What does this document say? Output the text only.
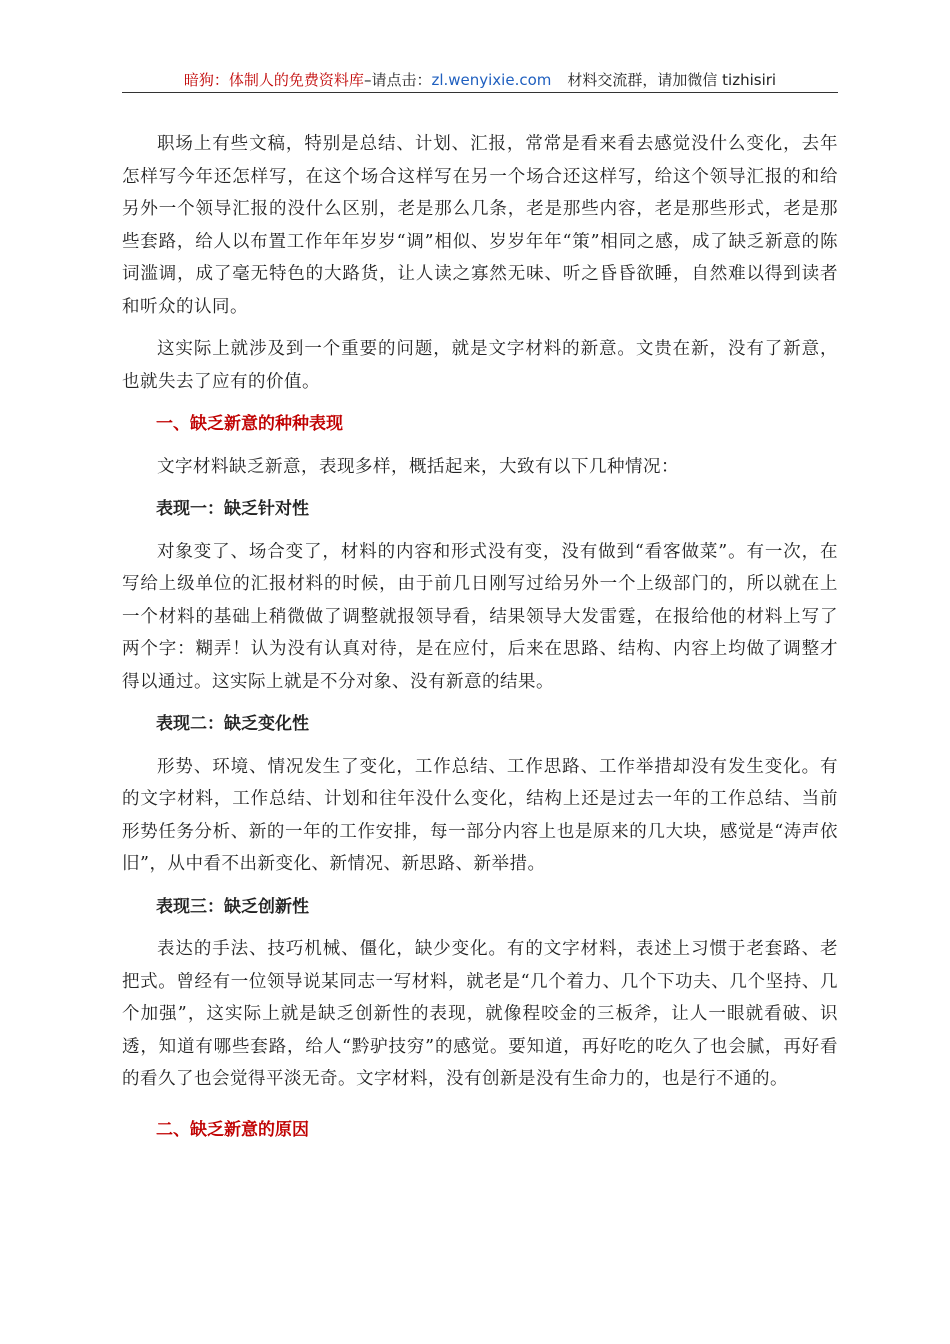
暗狗：体制人的免费资料库–请点击：zl.wenyixie.com 材料交流群，请加微信 tizhisiri

职场上有些文稿，特别是总结、计划、汇报，常常是看来看去感觉没什么变化，去年怎样写今年还怎样写，在这个场合这样写在另一个场合还这样写，给这个领导汇报的和给另外一个领导汇报的没什么区别，老是那么几条，老是那些内容，老是那些形式，老是那些套路，给人以布置工作年年岁岁“调”相似、岁岁年年“策”相同之感，成了缺乏新意的陈词滥调，成了毫无特色的大路货，让人读之寡然无味、听之昏昏欲睡，自然难以得到读者和听众的认同。

这实际上就涉及到一个重要的问题，就是文字材料的新意。文贵在新，没有了新意，也就失去了应有的价值。

一、缺乏新意的种种表现

文字材料缺乏新意，表现多样，概括起来，大致有以下几种情况：

表现一：缺乏针对性

对象变了、场合变了，材料的内容和形式没有变，没有做到“看客做菜”。有一次，在写给上级单位的汇报材料的时候，由于前几日刚写过给另外一个上级部门的，所以就在上一个材料的基础上稍微做了调整就报领导看，结果领导大发雷霆，在报给他的材料上写了两个字：糊弄！认为没有认真对待，是在应付，后来在思路、结构、内容上均做了调整才得以通过。这实际上就是不分对象、没有新意的结果。

表现二：缺乏变化性

形势、环境、情况发生了变化，工作总结、工作思路、工作举措却没有发生变化。有的文字材料，工作总结、计划和往年没什么变化，结构上还是过去一年的工作总结、当前形势任务分析、新的一年的工作安排，每一部分内容上也是原来的几大块，感觉是“涛声依旧”，从中看不出新变化、新情况、新思路、新举措。

表现三：缺乏创新性

表达的手法、技巧机械、僵化，缺少变化。有的文字材料，表述上习惯于老套路、老把式。曾经有一位领导说某同志一写材料，就老是“几个着力、几个下功夫、几个坚持、几个加强”，这实际上就是缺乏创新性的表现，就像程咬金的三板斧，让人一眼就看破、识透，知道有哪些套路，给人“黔驴技穷”的感觉。要知道，再好吃的吃久了也会腻，再好看的看久了也会觉得平淡无奇。文字材料，没有创新是没有生命力的，也是行不通的。

二、缺乏新意的原因
